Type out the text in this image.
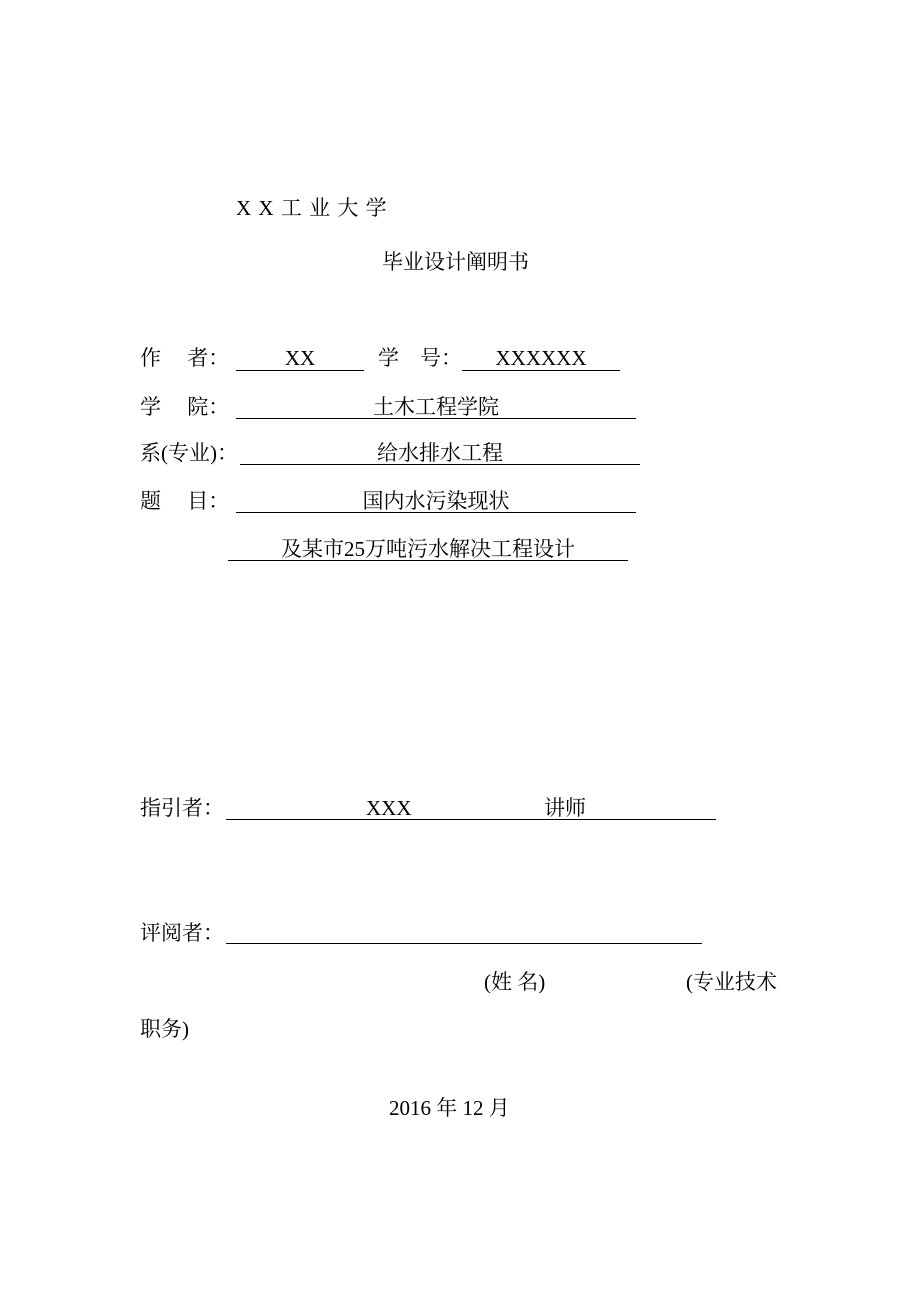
X X 工 业 大 学
毕业设计阐明书
作　 者：	XX	学　号：	XXXXXX
学　 院：	土木工程学院
系(专业)：	给水排水工程
题　 目：	国内水污染现状
及某市25万吨污水解决工程设计
指引者：	XXX	讲师
评阅者：
(姓 名)	(专业技术
职务)
2016 年 12 月
